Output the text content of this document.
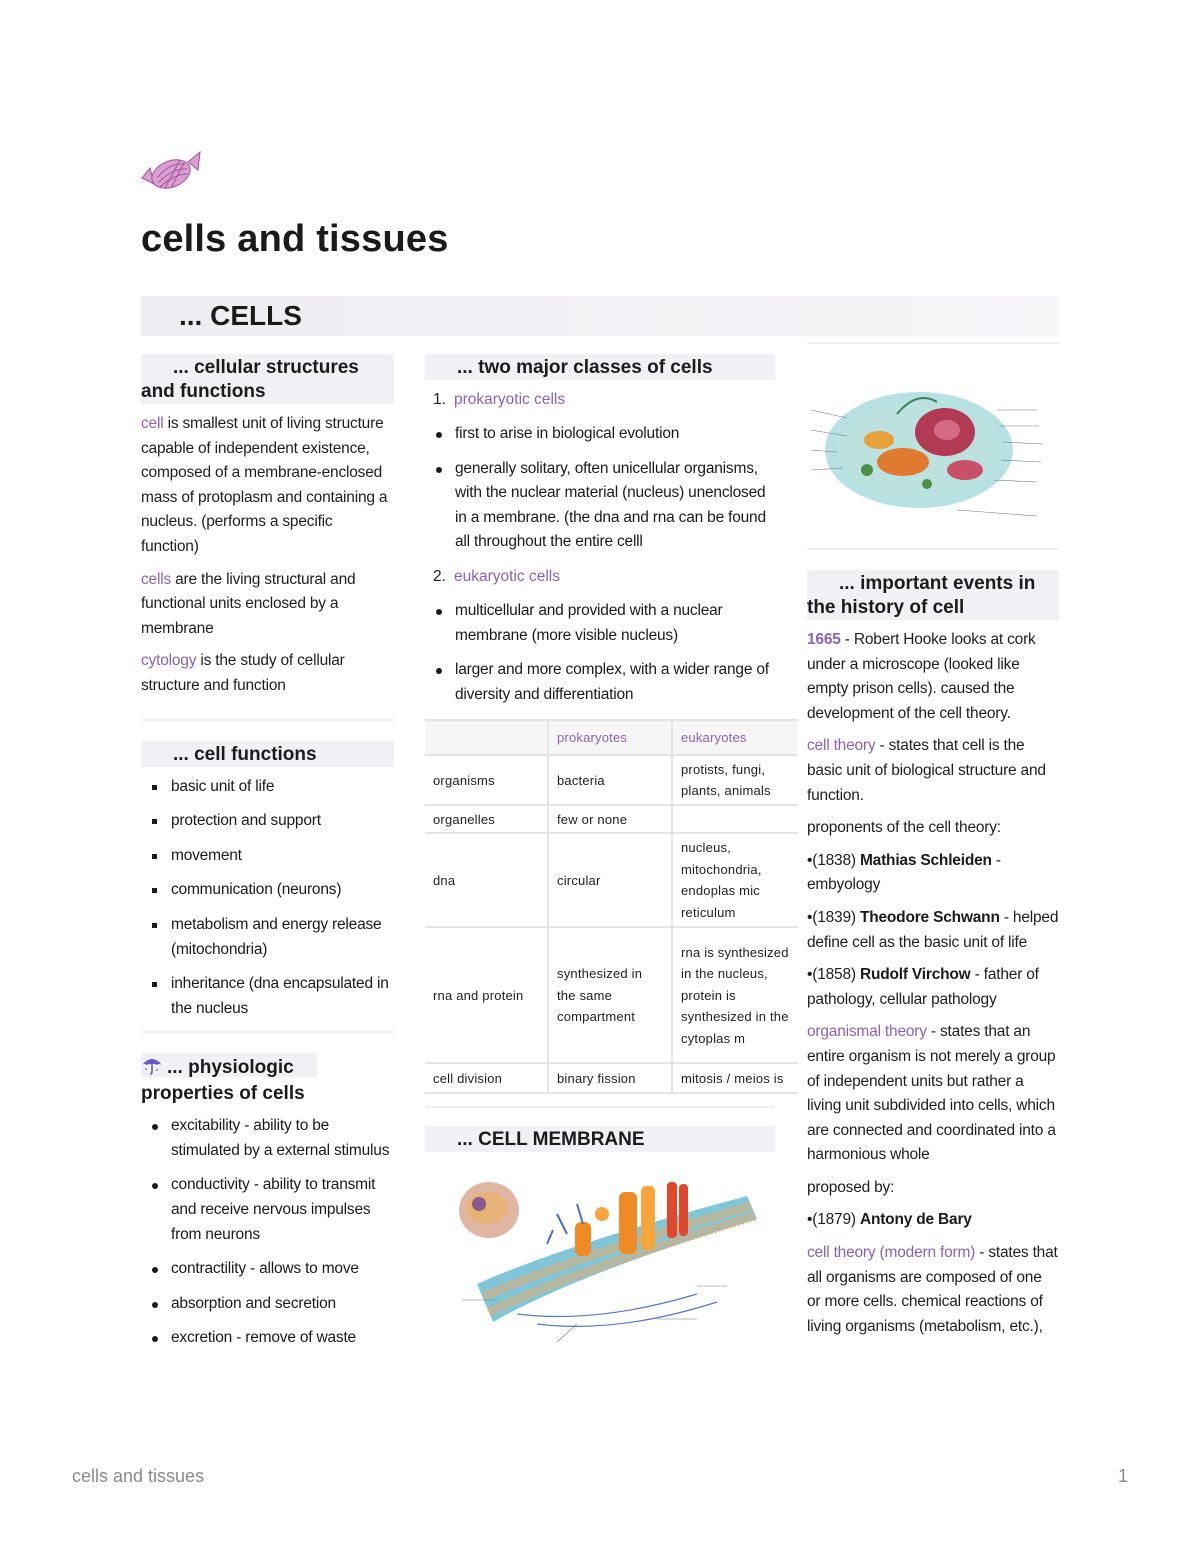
cells and tissues
... CELLS
... cellular structures and functions

cell is smallest unit of living structure capable of independent existence, composed of a membrane-enclosed mass of protoplasm and containing a nucleus. (performs a specific function)

cells are the living structural and functional units enclosed by a membrane

cytology is the study of cellular structure and function

... cell functions
basic unit of life
protection and support
movement
communication (neurons)
metabolism and energy release (mitochondria)
inheritance (dna encapsulated in the nucleus
... physiologic properties of cells
excitability - ability to be stimulated by a external stimulus
conductivity - ability to transmit and receive nervous impulses from neurons
contractility - allows to move
absorption and secretion
excretion - remove of waste
... two major classes of cells
1. prokaryotic cells
first to arise in biological evolution
generally solitary, often unicellular organisms, with the nuclear material (nucleus) unenclosed in a membrane. (the dna and rna can be found all throughout the entire celll
2. eukaryotic cells
multicellular and provided with a nuclear membrane (more visible nucleus)
larger and more complex, with a wider range of diversity and differentiation
	prokaryotes	eukaryotes
organisms	bacteria	protists, fungi, plants, animals
organelles	few or none	
dna	circular	nucleus, mitochondria, endoplas mic reticulum
rna and protein	synthesized in the same compartment	rna is synthesized in the nucleus, protein is synthesized in the cytoplas m
cell division	binary fission	mitosis / meios is
... CELL MEMBRANE
... important events in the history of cell

1665 - Robert Hooke looks at cork under a microscope (looked like empty prison cells). caused the development of the cell theory.

cell theory - states that cell is the basic unit of biological structure and function.

proponents of the cell theory:

•(1838) Mathias Schleiden - embyology

•(1839) Theodore Schwann - helped define cell as the basic unit of life

•(1858) Rudolf Virchow - father of pathology, cellular pathology

organismal theory - states that an entire organism is not merely a group of independent units but rather a living unit subdivided into cells, which are connected and coordinated into a harmonious whole

proposed by:

•(1879) Antony de Bary

cell theory (modern form) - states that all organisms are composed of one or more cells. chemical reactions of living organisms (metabolism, etc.),

cells and tissues	1
